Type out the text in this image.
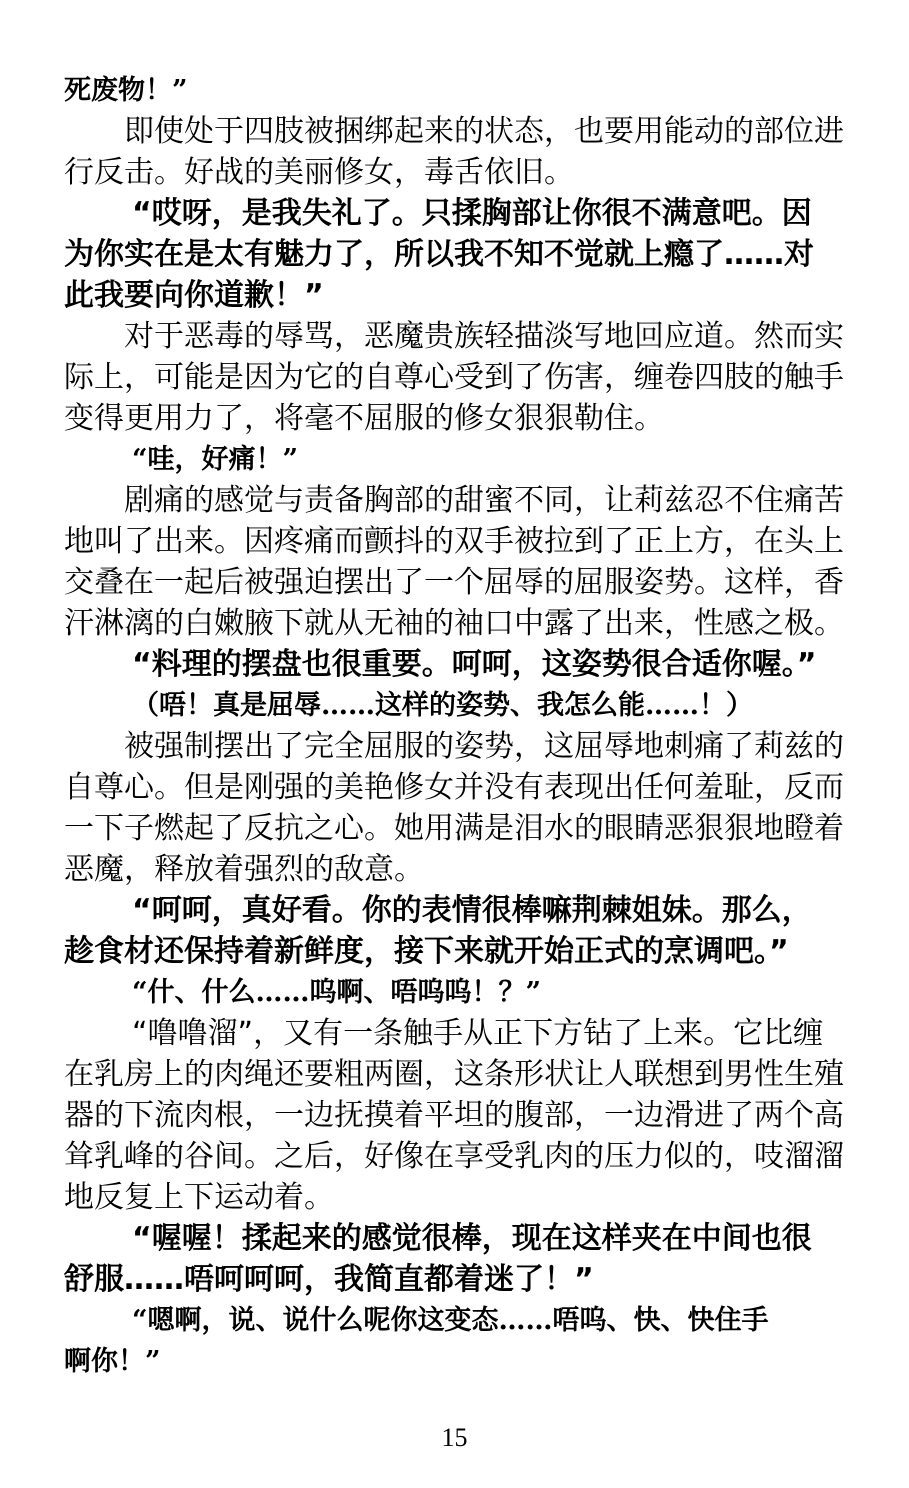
死废物！”

即使处于四肢被捆绑起来的状态，也要用能动的部位进

行反击。好战的美丽修女，毒舌依旧。

“哎呀，是我失礼了。只揉胸部让你很不满意吧。因

为你实在是太有魅力了，所以我不知不觉就上瘾了……对

此我要向你道歉！”

对于恶毒的辱骂，恶魔贵族轻描淡写地回应道。然而实

际上，可能是因为它的自尊心受到了伤害，缠卷四肢的触手

变得更用力了，将毫不屈服的修女狠狠勒住。

“哇，好痛！”

剧痛的感觉与责备胸部的甜蜜不同，让莉兹忍不住痛苦

地叫了出来。因疼痛而颤抖的双手被拉到了正上方，在头上

交叠在一起后被强迫摆出了一个屈辱的屈服姿势。这样，香

汗淋漓的白嫩腋下就从无袖的袖口中露了出来，性感之极。

“料理的摆盘也很重要。呵呵，这姿势很合适你喔。”

（唔！真是屈辱……这样的姿势、我怎么能……！）

被强制摆出了完全屈服的姿势，这屈辱地刺痛了莉兹的

自尊心。但是刚强的美艳修女并没有表现出任何羞耻，反而

一下子燃起了反抗之心。她用满是泪水的眼睛恶狠狠地瞪着

恶魔，释放着强烈的敌意。

“呵呵，真好看。你的表情很棒嘛荆棘姐妹。那么，

趁食材还保持着新鲜度，接下来就开始正式的烹调吧。”

“什、什么……呜啊、唔呜呜！？”

“噜噜溜”，又有一条触手从正下方钻了上来。它比缠

在乳房上的肉绳还要粗两圈，这条形状让人联想到男性生殖

器的下流肉根，一边抚摸着平坦的腹部，一边滑进了两个高

耸乳峰的谷间。之后，好像在享受乳肉的压力似的，吱溜溜

地反复上下运动着。

“喔喔！揉起来的感觉很棒，现在这样夹在中间也很

舒服……唔呵呵呵，我简直都着迷了！”

“嗯啊，说、说什么呢你这变态……唔呜、快、快住手

啊你！”

15
